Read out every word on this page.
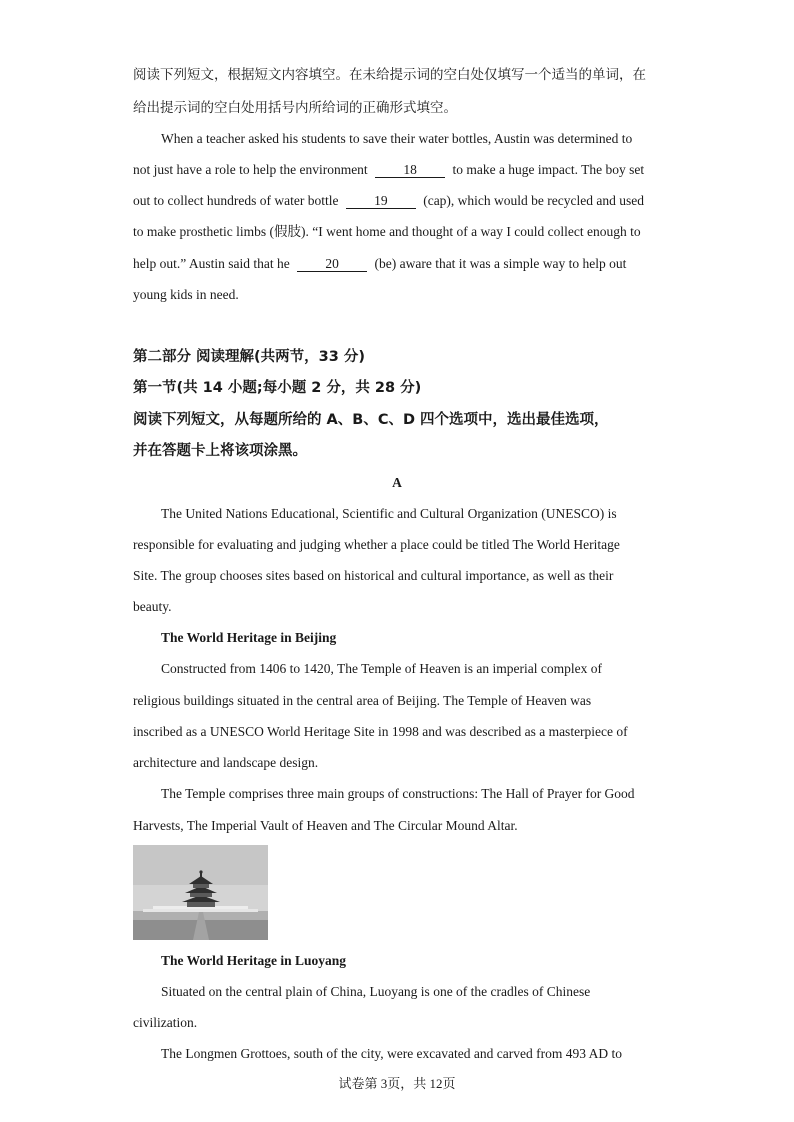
阅读下列短文，根据短文内容填空。在未给提示词的空白处仅填写一个适当的单词，在
给出提示词的空白处用括号内所给词的正确形式填空。
When a teacher asked his students to save their water bottles, Austin was determined to
not just have a role to help the environment	18	to make a huge impact. The boy set
out to collect hundreds of water bottle	19	(cap), which would be recycled and used
to make prosthetic limbs (假肢). “I went home and thought of a way I could collect enough to
help out.” Austin said that he	20	(be) aware that it was a simple way to help out
young kids in need.
第二部分 阅读理解(共两节，33 分)
第一节(共 14 小题;每小题 2 分，共 28 分)
阅读下列短文，从每题所给的 A、B、C、D 四个选项中，选出最佳选项，
并在答题卡上将该项涂黑。
A
The United Nations Educational, Scientific and Cultural Organization (UNESCO) is
responsible for evaluating and judging whether a place could be titled The World Heritage
Site. The group chooses sites based on historical and cultural importance, as well as their
beauty.
The World Heritage in Beijing
Constructed from 1406 to 1420, The Temple of Heaven is an imperial complex of
religious buildings situated in the central area of Beijing. The Temple of Heaven was
inscribed as a UNESCO World Heritage Site in 1998 and was described as a masterpiece of
architecture and landscape design.
The Temple comprises three main groups of constructions: The Hall of Prayer for Good
Harvests, The Imperial Vault of Heaven and The Circular Mound Altar.
The World Heritage in Luoyang
Situated on the central plain of China, Luoyang is one of the cradles of Chinese
civilization.
The Longmen Grottoes, south of the city, were excavated and carved from 493 AD to
试卷第 3页，共 12页
